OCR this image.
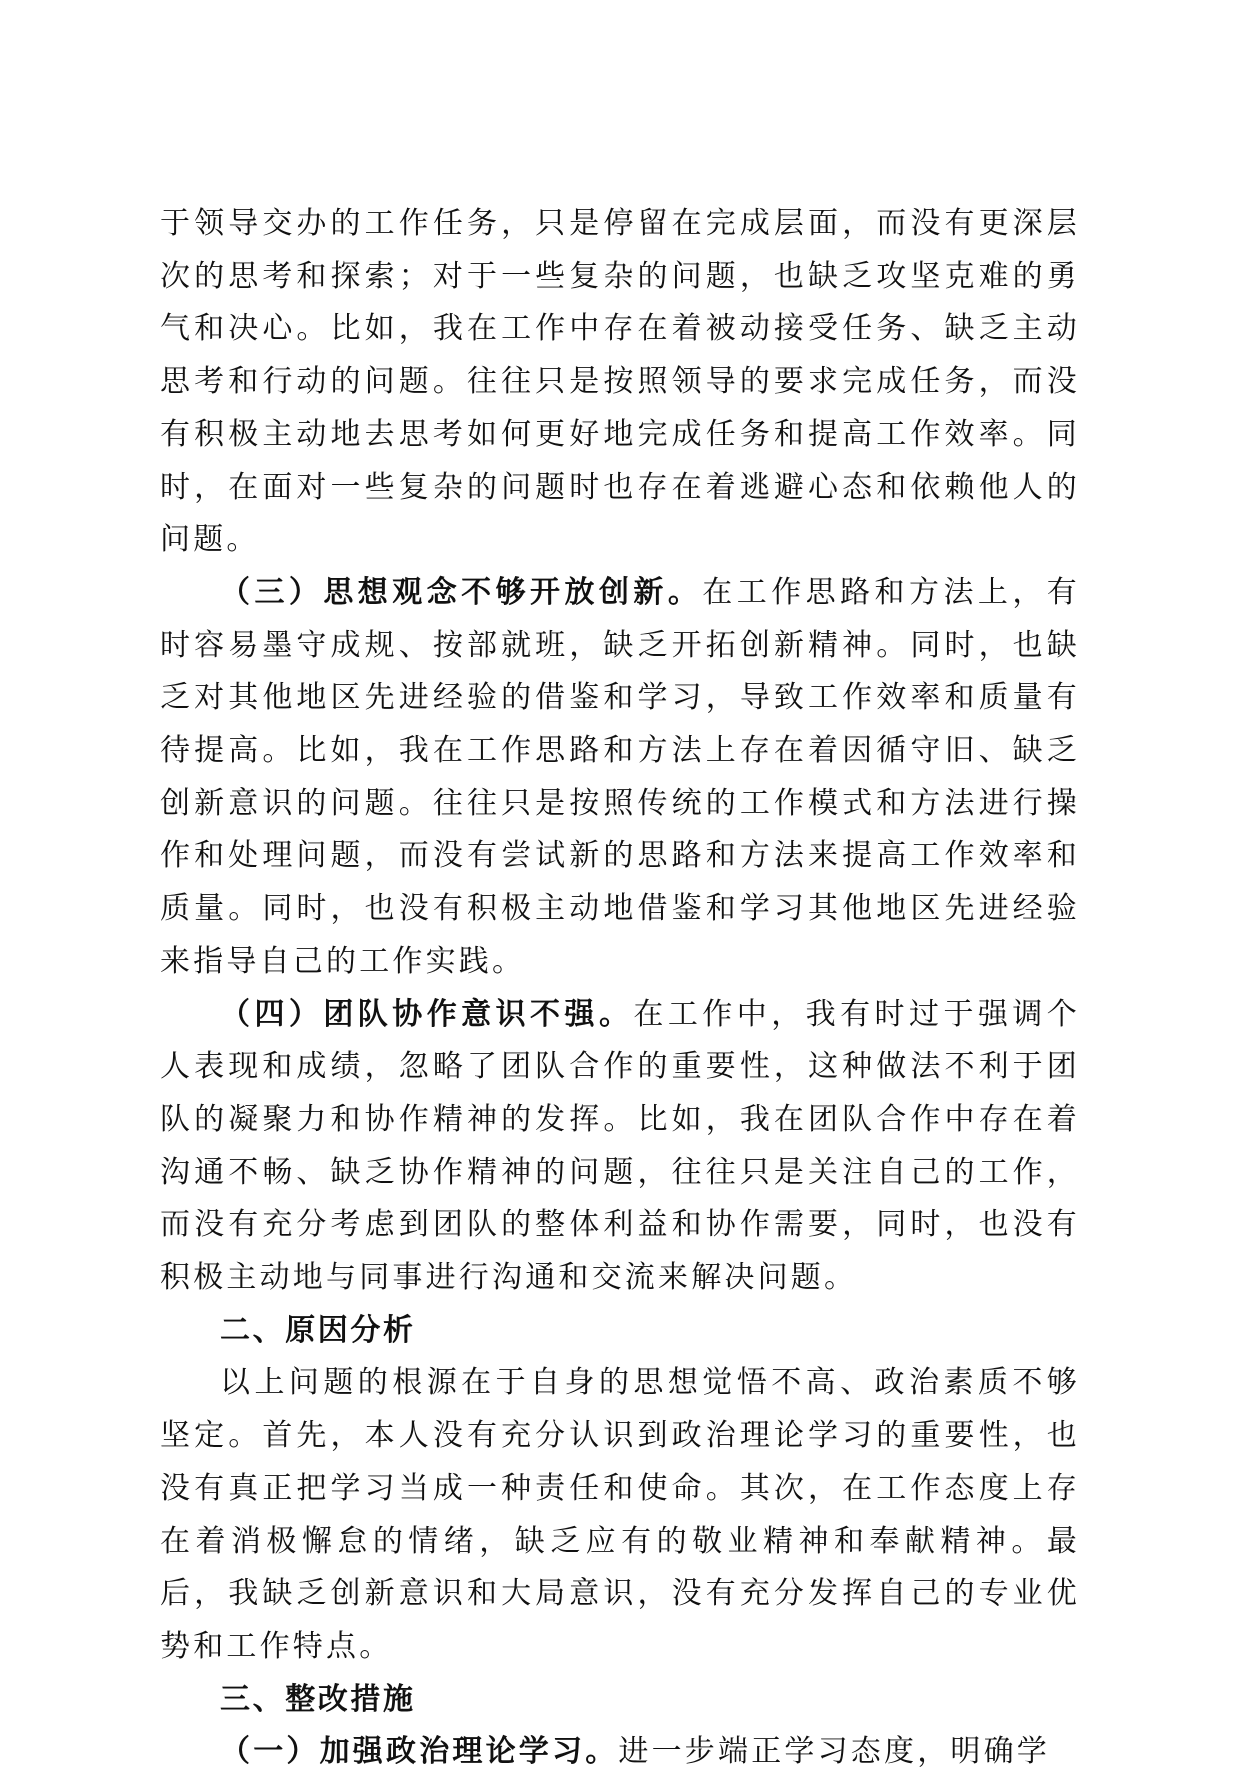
于领导交办的工作任务，只是停留在完成层面，而没有更深层次的思考和探索；对于一些复杂的问题，也缺乏攻坚克难的勇气和决心。比如，我在工作中存在着被动接受任务、缺乏主动思考和行动的问题。往往只是按照领导的要求完成任务，而没有积极主动地去思考如何更好地完成任务和提高工作效率。同时，在面对一些复杂的问题时也存在着逃避心态和依赖他人的问题。

（三）思想观念不够开放创新。在工作思路和方法上，有时容易墨守成规、按部就班，缺乏开拓创新精神。同时，也缺乏对其他地区先进经验的借鉴和学习，导致工作效率和质量有待提高。比如，我在工作思路和方法上存在着因循守旧、缺乏创新意识的问题。往往只是按照传统的工作模式和方法进行操作和处理问题，而没有尝试新的思路和方法来提高工作效率和质量。同时，也没有积极主动地借鉴和学习其他地区先进经验来指导自己的工作实践。

（四）团队协作意识不强。在工作中，我有时过于强调个人表现和成绩，忽略了团队合作的重要性，这种做法不利于团队的凝聚力和协作精神的发挥。比如，我在团队合作中存在着沟通不畅、缺乏协作精神的问题，往往只是关注自己的工作，而没有充分考虑到团队的整体利益和协作需要，同时，也没有积极主动地与同事进行沟通和交流来解决问题。

二、原因分析

以上问题的根源在于自身的思想觉悟不高、政治素质不够坚定。首先，本人没有充分认识到政治理论学习的重要性，也没有真正把学习当成一种责任和使命。其次，在工作态度上存在着消极懈怠的情绪，缺乏应有的敬业精神和奉献精神。最后，我缺乏创新意识和大局意识，没有充分发挥自己的专业优势和工作特点。

三、整改措施

（一）加强政治理论学习。进一步端正学习态度，明确学
